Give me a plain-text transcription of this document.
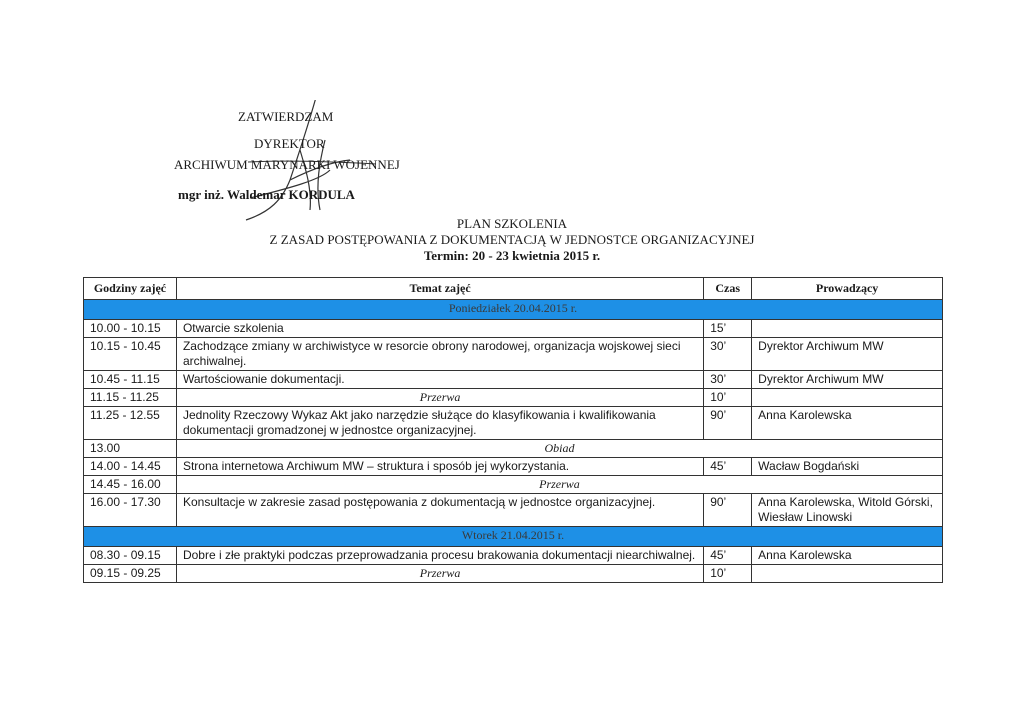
ZATWIERDZAM
DYREKTOR
ARCHIWUM MARYNARKI WOJENNEJ
mgr inż. Waldemar KORDULA
PLAN SZKOLENIA
Z ZASAD POSTĘPOWANIA Z DOKUMENTACJĄ W JEDNOSTCE ORGANIZACYJNEJ
Termin: 20 - 23 kwietnia 2015 r.
Godziny zajęć	Temat zajęć	Czas	Prowadzący
Poniedziałek 20.04.2015 r.			
10.00 - 10.15	Otwarcie szkolenia	15’	
10.15 - 10.45	Zachodzące zmiany w archiwistyce w resorcie obrony narodowej, organizacja wojskowej sieci archiwalnej.	30’	Dyrektor Archiwum MW
10.45 - 11.15	Wartościowanie dokumentacji.	30’	Dyrektor Archiwum MW
11.15 - 11.25	Przerwa	10’	
11.25 - 12.55	Jednolity Rzeczowy Wykaz Akt jako narzędzie służące do klasyfikowania i kwalifikowania dokumentacji gromadzonej w jednostce organizacyjnej.	90’	Anna Karolewska
13.00	Obiad		
14.00 - 14.45	Strona internetowa Archiwum MW – struktura i sposób jej wykorzystania.	45’	Wacław Bogdański
14.45 - 16.00	Przerwa		
16.00 - 17.30	Konsultacje w zakresie zasad postępowania z dokumentacją w jednostce organizacyjnej.	90’	Anna Karolewska, Witold Górski, Wiesław Linowski
Wtorek 21.04.2015 r.			
08.30 - 09.15	Dobre i złe praktyki podczas przeprowadzania procesu brakowania dokumentacji niearchiwalnej.	45’	Anna Karolewska
09.15 - 09.25	Przerwa	10’	
